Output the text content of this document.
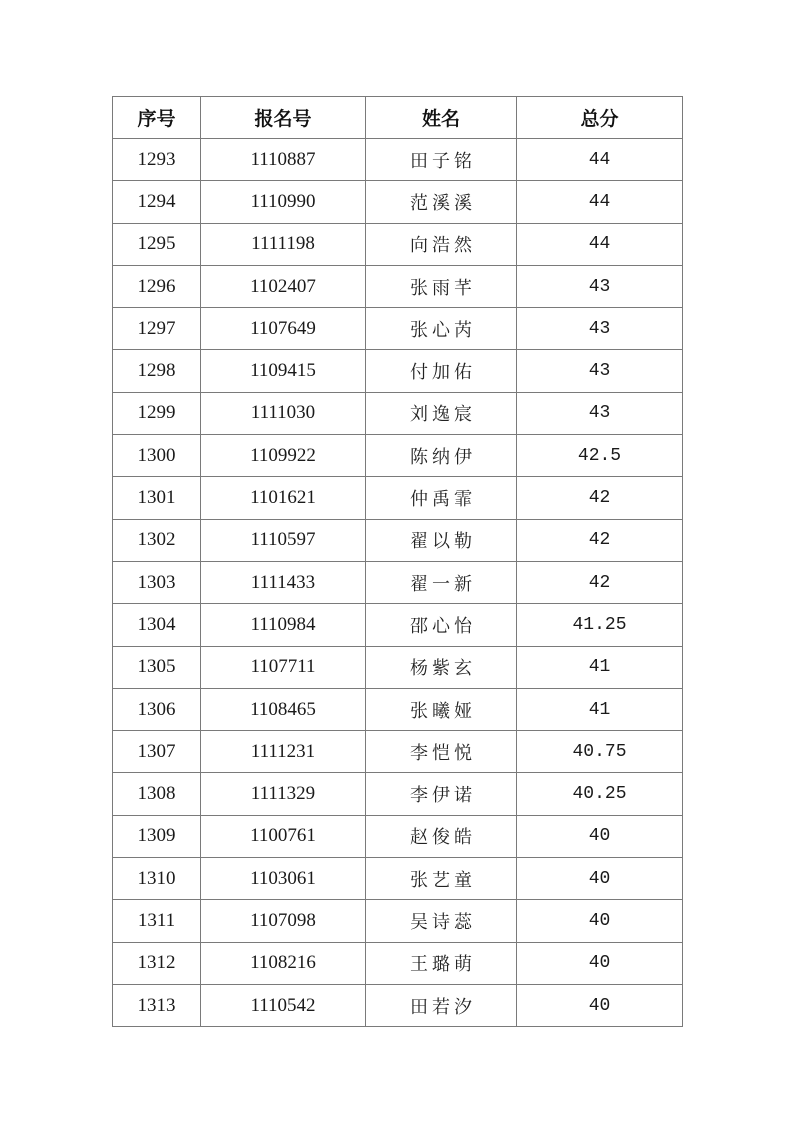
序号	报名号	姓名	总分
1293	1110887	田子铭	44
1294	1110990	范溪溪	44
1295	1111198	向浩然	44
1296	1102407	张雨芊	43
1297	1107649	张心芮	43
1298	1109415	付加佑	43
1299	1111030	刘逸宸	43
1300	1109922	陈纳伊	42.5
1301	1101621	仲禹霏	42
1302	1110597	翟以勒	42
1303	1111433	翟一新	42
1304	1110984	邵心怡	41.25
1305	1107711	杨紫玄	41
1306	1108465	张曦娅	41
1307	1111231	李恺悦	40.75
1308	1111329	李伊诺	40.25
1309	1100761	赵俊皓	40
1310	1103061	张艺童	40
1311	1107098	吴诗蕊	40
1312	1108216	王璐萌	40
1313	1110542	田若汐	40
